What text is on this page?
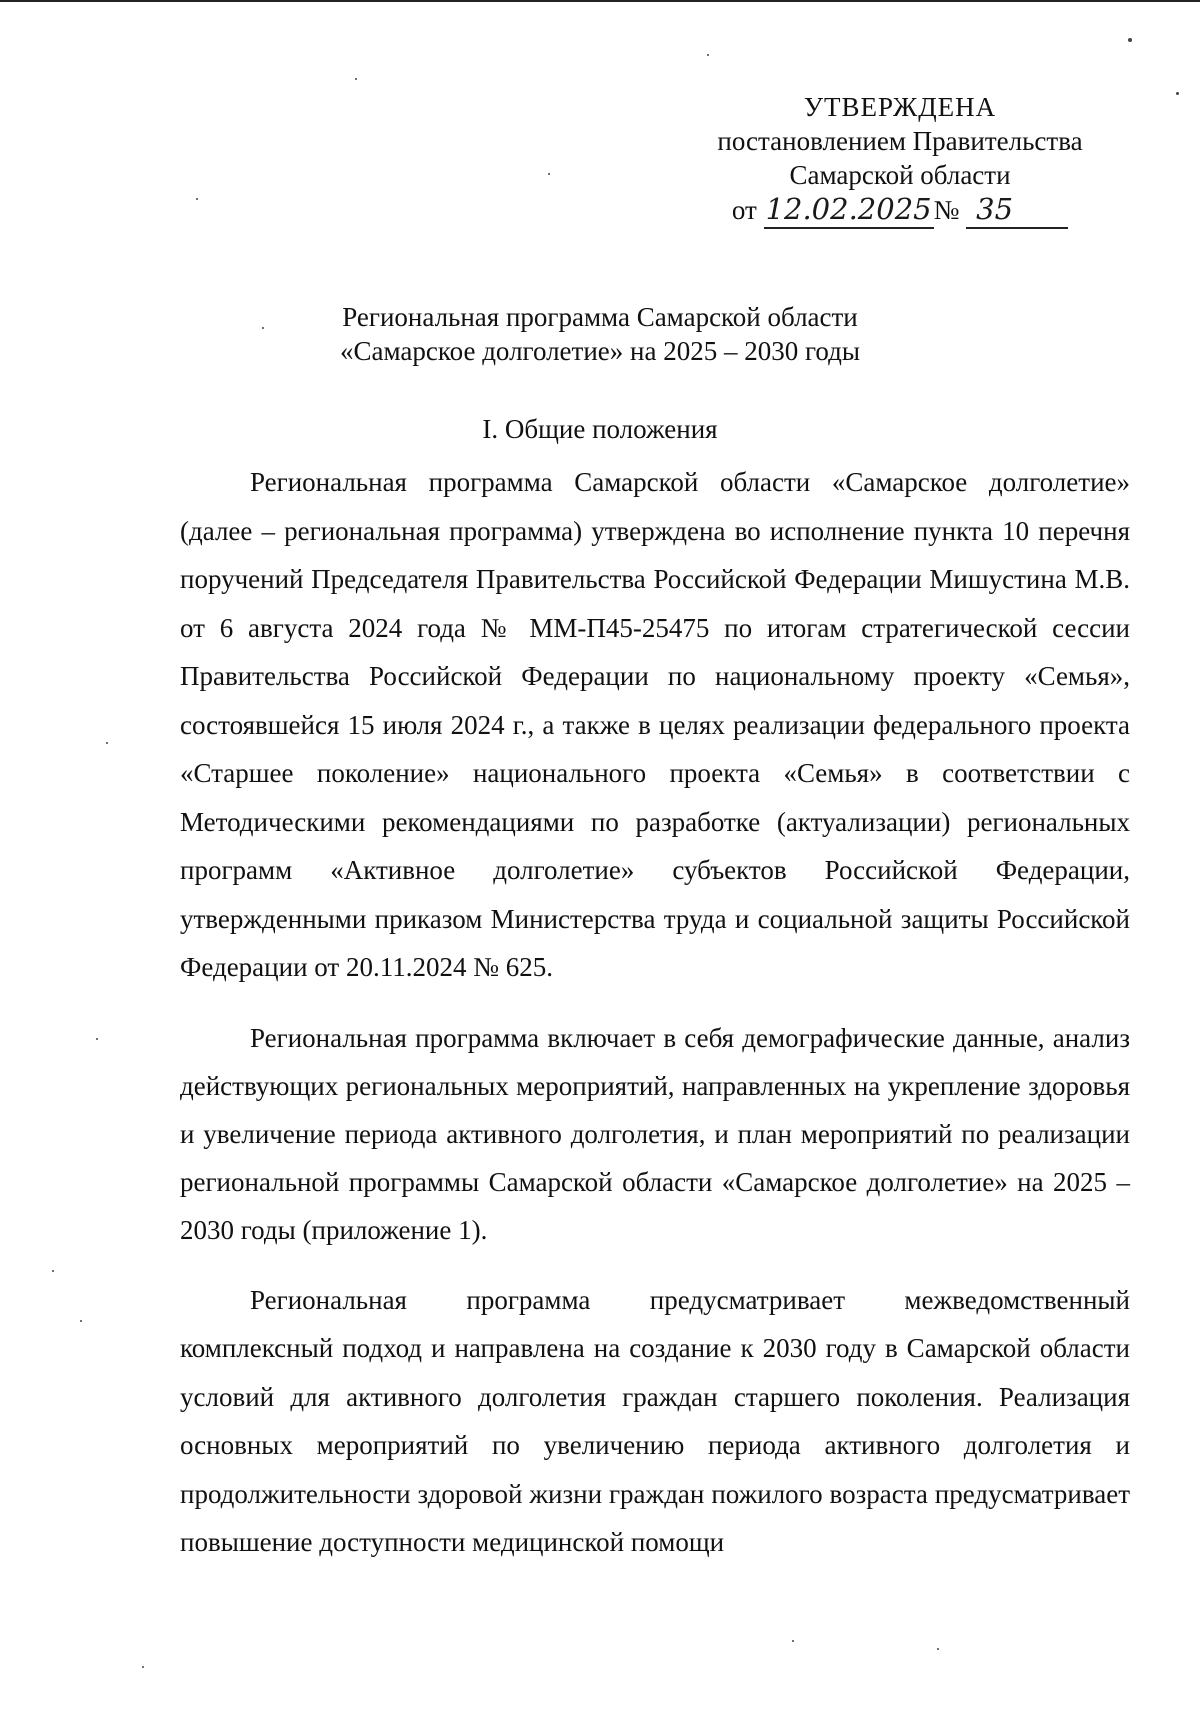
УТВЕРЖДЕНА
постановлением Правительства
Самарской области
от 12.02.2025№ 35
Региональная программа Самарской области
«Самарское долголетие» на 2025 – 2030 годы
I. Общие положения

Региональная программа Самарской области «Самарское долголетие» (далее – региональная программа) утверждена во исполнение пункта 10 перечня поручений Председателя Правительства Российской Федерации Мишустина М.В. от 6 августа 2024 года № ММ-П45-25475 по итогам стратегической сессии Правительства Российской Федерации по национальному проекту «Семья», состоявшейся 15 июля 2024 г., а также в целях реализации федерального проекта «Старшее поколение» национального проекта «Семья» в соответствии с Методическими рекомендациями по разработке (актуализации) региональных программ «Активное долголетие» субъектов Российской Федерации, утвержденными приказом Министерства труда и социальной защиты Российской Федерации от 20.11.2024 № 625.

Региональная программа включает в себя демографические данные, анализ действующих региональных мероприятий, направленных на укрепление здоровья и увеличение периода активного долголетия, и план мероприятий по реализации региональной программы Самарской области «Самарское долголетие» на 2025 – 2030 годы (приложение 1).

Региональная программа предусматривает межведомственный комплексный подход и направлена на создание к 2030 году в Самарской области условий для активного долголетия граждан старшего поколения. Реализация основных мероприятий по увеличению периода активного долголетия и продолжительности здоровой жизни граждан пожилого возраста предусматривает повышение доступности медицинской помощи
